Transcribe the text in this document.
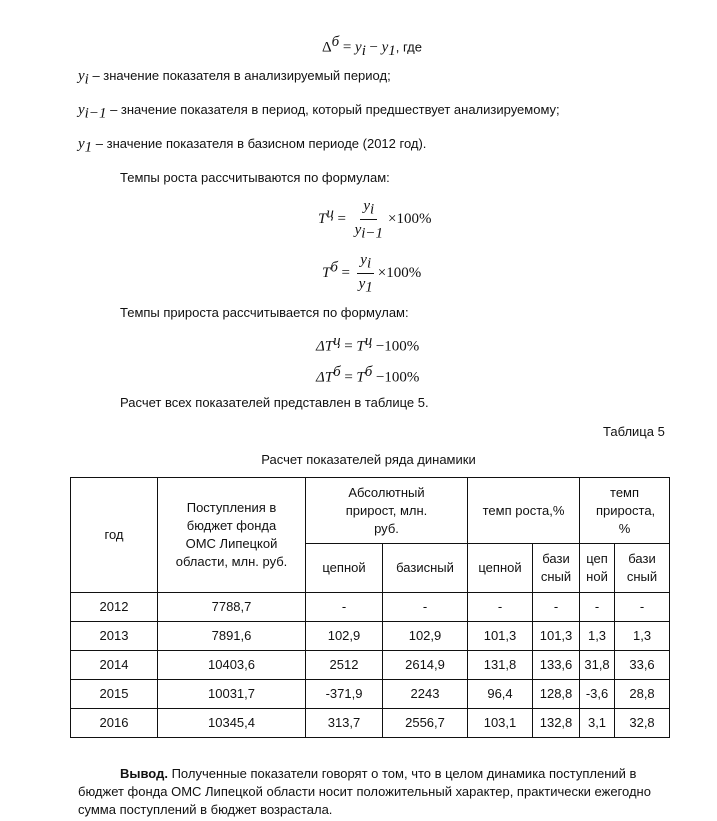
$\Delta^б = y_i - y_1$, где
$y_i$ – значение показателя в анализируемый период;
$y_{i-1}$ – значение показателя в период, который предшествует анализируемому;
$y_1$ – значение показателя в базисном периоде (2012 год).
Темпы роста рассчитываются по формулам:
$T^ц = \frac{y_i}{y_{i-1}} \times 100\%$
$T^б = \frac{y_i}{y_1} \times 100\%$
Темпы прироста рассчитывается по формулам:
$\Delta T^ц = T^ц -100\%$
$\Delta T^б = T^б -100\%$
Расчет всех показателей представлен в таблице 5.
Таблица 5
Расчет показателей ряда динамики
год	Поступления в бюджет фонда ОМС Липецкой области, млн. руб.	Абсолютный прирост, млн. руб.		темп роста,%		темп прироста, %	
		цепной	базисный	цепной	бази сный	цеп ной	бази сный
2012	7788,7	-	-	-	-	-	-
2013	7891,6	102,9	102,9	101,3	101,3	1,3	1,3
2014	10403,6	2512	2614,9	131,8	133,6	31,8	33,6
2015	10031,7	-371,9	2243	96,4	128,8	-3,6	28,8
2016	10345,4	313,7	2556,7	103,1	132,8	3,1	32,8
Вывод. Полученные показатели говорят о том, что в целом динамика поступлений в
бюджет фонда ОМС Липецкой области носит положительный характер, практически ежегодно
сумма поступлений в бюджет возрастала.
